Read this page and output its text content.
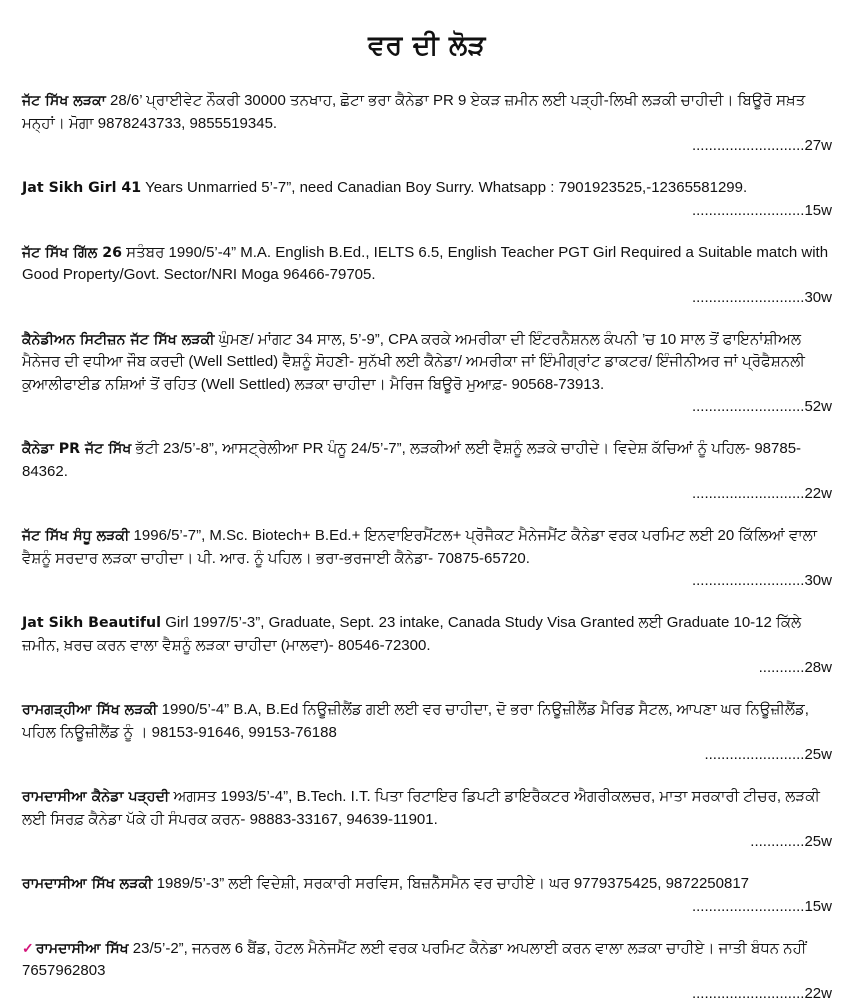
ਵਰ ਦੀ ਲੋੜ
ਜੱਟ ਸਿੱਖ ਲੜਕਾ 28/6’ ਪ੍ਰਾਈਵੇਟ ਨੌਕਰੀ 30000 ਤਨਖਾਹ, ਛੋਟਾ ਭਰਾ ਕੈਨੇਡਾ PR 9 ਏਕੜ ਜ਼ਮੀਨ ਲਈ ਪੜ੍ਹੀ-ਲਿਖੀ ਲੜਕੀ ਚਾਹੀਦੀ। ਬਿਊਰੋ ਸਖ਼ਤ ਮਨ੍ਹਾਂ। ਮੋਗਾ 9878243733, 9855519345.
...........................27w
Jat Sikh Girl 41 Years Unmarried 5’-7”, need Canadian Boy Surry. Whatsapp : 7901923525,-12365581299.
...........................15w
ਜੱਟ ਸਿੱਖ ਗਿੱਲ 26 ਸਤੰਬਰ 1990/5’-4” M.A. English B.Ed., IELTS 6.5, English Teacher PGT Girl Required a Suitable match with Good Property/Govt. Sector/NRI Moga 96466-79705.
...........................30w
ਕੈਨੇਡੀਅਨ ਸਿਟੀਜ਼ਨ ਜੱਟ ਸਿੱਖ ਲੜਕੀ ਘੁੰਮਣ/ ਮਾਂਗਟ 34 ਸਾਲ, 5’-9”, CPA ਕਰਕੇ ਅਮਰੀਕਾ ਦੀ ਇੰਟਰਨੈਸ਼ਨਲ ਕੰਪਨੀ ’ਚ 10 ਸਾਲ ਤੋਂ ਫਾਇਨਾਂਸ਼ੀਅਲ ਮੈਨੇਜਰ ਦੀ ਵਧੀਆ ਜੌਬ ਕਰਦੀ (Well Settled) ਵੈਸ਼ਨੂੰ ਸੋਹਣੀ- ਸੁਨੱਖੀ ਲਈ ਕੈਨੇਡਾ/ ਅਮਰੀਕਾ ਜਾਂ ਇੰਮੀਗ੍ਰਾਂਟ ਡਾਕਟਰ/ ਇੰਜੀਨੀਅਰ ਜਾਂ ਪ੍ਰੋਫੈਸ਼ਨਲੀ ਕੁਆਲੀਫਾਈਡ ਨਸ਼ਿਆਂ ਤੋਂ ਰਹਿਤ (Well Settled) ਲੜਕਾ ਚਾਹੀਦਾ। ਮੈਰਿਜ ਬਿਊਰੋ ਮੁਆਫ਼- 90568-73913.
...........................52w
ਕੈਨੇਡਾ PR ਜੱਟ ਸਿੱਖ ਭੱਟੀ 23/5’-8”, ਆਸਟ੍ਰੇਲੀਆ PR ਪੰਨੂ 24/5’-7”, ਲੜਕੀਆਂ ਲਈ ਵੈਸ਼ਨੂੰ ਲੜਕੇ ਚਾਹੀਦੇ। ਵਿਦੇਸ਼ ਕੱਚਿਆਂ ਨੂੰ ਪਹਿਲ- 98785-84362.
...........................22w
ਜੱਟ ਸਿੱਖ ਸੰਧੂ ਲੜਕੀ 1996/5’-7”, M.Sc. Biotech+ B.Ed.+ ਇਨਵਾਇਰਮੈਂਟਲ+ ਪ੍ਰੋਜੈਕਟ ਮੈਨੇਜਮੈਂਟ ਕੈਨੇਡਾ ਵਰਕ ਪਰਮਿਟ ਲਈ 20 ਕਿੱਲਿਆਂ ਵਾਲਾ ਵੈਸ਼ਨੂੰ ਸਰਦਾਰ ਲੜਕਾ ਚਾਹੀਦਾ। ਪੀ. ਆਰ. ਨੂੰ ਪਹਿਲ। ਭਰਾ-ਭਰਜਾਈ ਕੈਨੇਡਾ- 70875-65720.
...........................30w
Jat Sikh Beautiful Girl 1997/5’-3”, Graduate, Sept. 23 intake, Canada Study Visa Granted ਲਈ Graduate 10-12 ਕਿੱਲੇ ਜ਼ਮੀਨ, ਖ਼ਰਚ ਕਰਨ ਵਾਲਾ ਵੈਸ਼ਨੂੰ ਲੜਕਾ ਚਾਹੀਦਾ (ਮਾਲਵਾ)- 80546-72300.
...........28w
ਰਾਮਗੜ੍ਹੀਆ ਸਿੱਖ ਲੜਕੀ 1990/5’-4” B.A, B.Ed ਨਿਊਜ਼ੀਲੈਂਡ ਗਈ ਲਈ ਵਰ ਚਾਹੀਦਾ, ਦੋ ਭਰਾ ਨਿਊਜ਼ੀਲੈਂਡ ਮੈਰਿਡ ਸੈਟਲ, ਆਪਣਾ ਘਰ ਨਿਊਜ਼ੀਲੈਂਡ, ਪਹਿਲ ਨਿਊਜ਼ੀਲੈਂਡ ਨੂੰ । 98153-91646, 99153-76188
........................25w
ਰਾਮਦਾਸੀਆ ਕੈਨੇਡਾ ਪੜ੍ਹਦੀ ਅਗਸਤ 1993/5’-4”, B.Tech. I.T. ਪਿਤਾ ਰਿਟਾਇਰ ਡਿਪਟੀ ਡਾਇਰੈਕਟਰ ਐਗਰੀਕਲਚਰ, ਮਾਤਾ ਸਰਕਾਰੀ ਟੀਚਰ, ਲੜਕੀ ਲਈ ਸਿਰਫ਼ ਕੈਨੇਡਾ ਪੱਕੇ ਹੀ ਸੰਪਰਕ ਕਰਨ- 98883-33167, 94639-11901.
.............25w
ਰਾਮਦਾਸੀਆ ਸਿੱਖ ਲੜਕੀ 1989/5’-3” ਲਈ ਵਿਦੇਸ਼ੀ, ਸਰਕਾਰੀ ਸਰਵਿਸ, ਬਿਜ਼ਨੈੱਸਮੈਨ ਵਰ ਚਾਹੀਏ। ਘਰ 9779375425, 9872250817
...........................15w
✓ ਰਾਮਦਾਸੀਆ ਸਿੱਖ 23/5’-2”, ਜਨਰਲ 6 ਬੈਂਡ, ਹੋਟਲ ਮੈਨੇਜਮੈਂਟ ਲਈ ਵਰਕ ਪਰਮਿਟ ਕੈਨੇਡਾ ਅਪਲਾਈ ਕਰਨ ਵਾਲਾ ਲੜਕਾ ਚਾਹੀਏ। ਜਾਤੀ ਬੰਧਨ ਨਹੀਂ 7657962803
...........................22w
